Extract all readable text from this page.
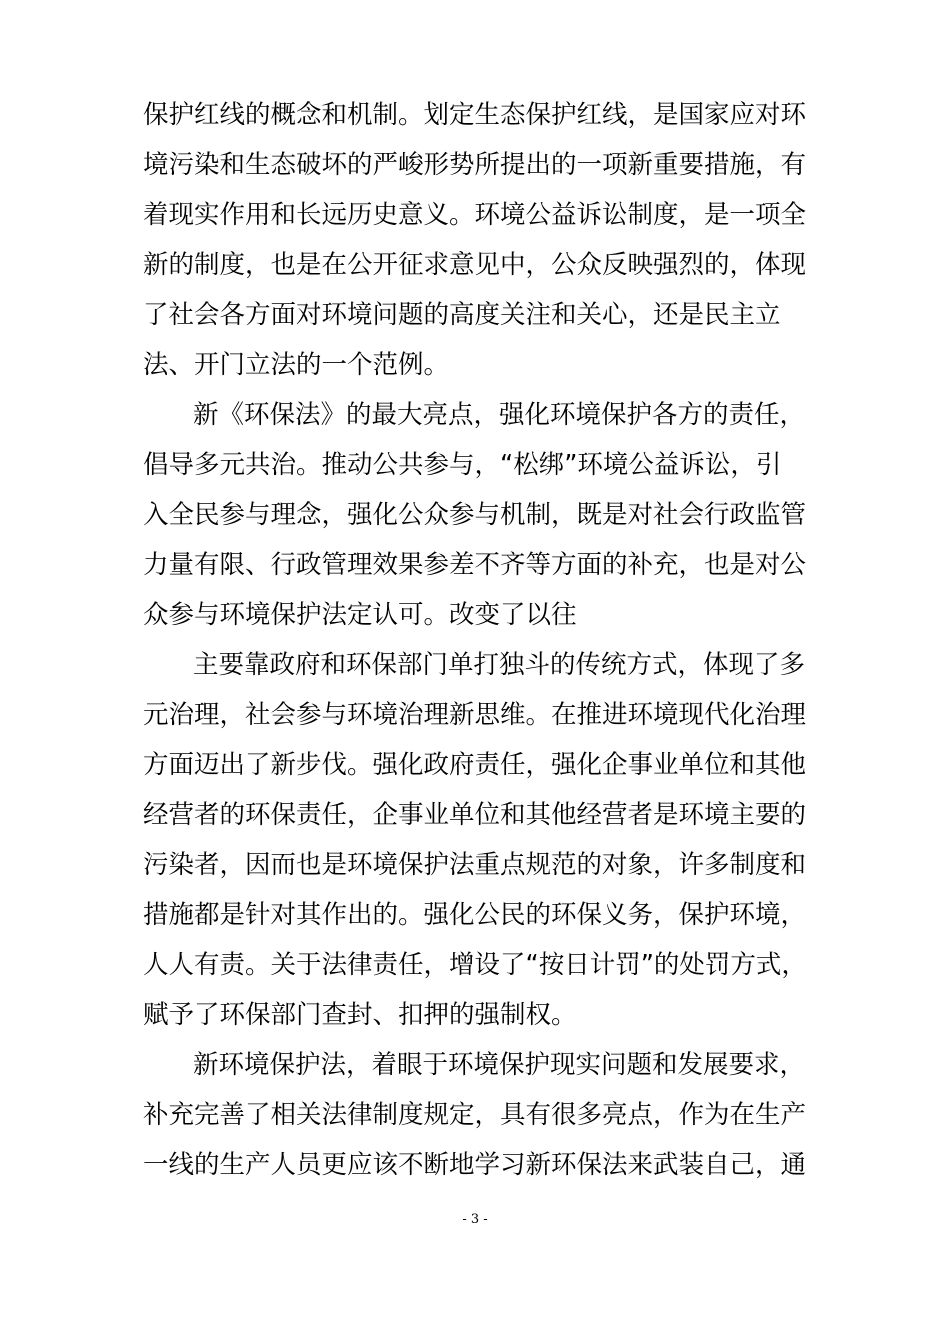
保护红线的概念和机制。划定生态保护红线，是国家应对环
境污染和生态破坏的严峻形势所提出的一项新重要措施，有
着现实作用和长远历史意义。环境公益诉讼制度，是一项全
新的制度，也是在公开征求意见中，公众反映强烈的，体现
了社会各方面对环境问题的高度关注和关心，还是民主立
法、开门立法的一个范例。
新《环保法》的最大亮点，强化环境保护各方的责任，
倡导多元共治。推动公共参与，“松绑”环境公益诉讼，引
入全民参与理念，强化公众参与机制，既是对社会行政监管
力量有限、行政管理效果参差不齐等方面的补充，也是对公
众参与环境保护法定认可。改变了以往
主要靠政府和环保部门单打独斗的传统方式，体现了多
元治理，社会参与环境治理新思维。在推进环境现代化治理
方面迈出了新步伐。强化政府责任，强化企事业单位和其他
经营者的环保责任，企事业单位和其他经营者是环境主要的
污染者，因而也是环境保护法重点规范的对象，许多制度和
措施都是针对其作出的。强化公民的环保义务，保护环境，
人人有责。关于法律责任，增设了“按日计罚”的处罚方式，
赋予了环保部门查封、扣押的强制权。
新环境保护法，着眼于环境保护现实问题和发展要求，
补充完善了相关法律制度规定，具有很多亮点，作为在生产
一线的生产人员更应该不断地学习新环保法来武装自己，通
- 3 -
